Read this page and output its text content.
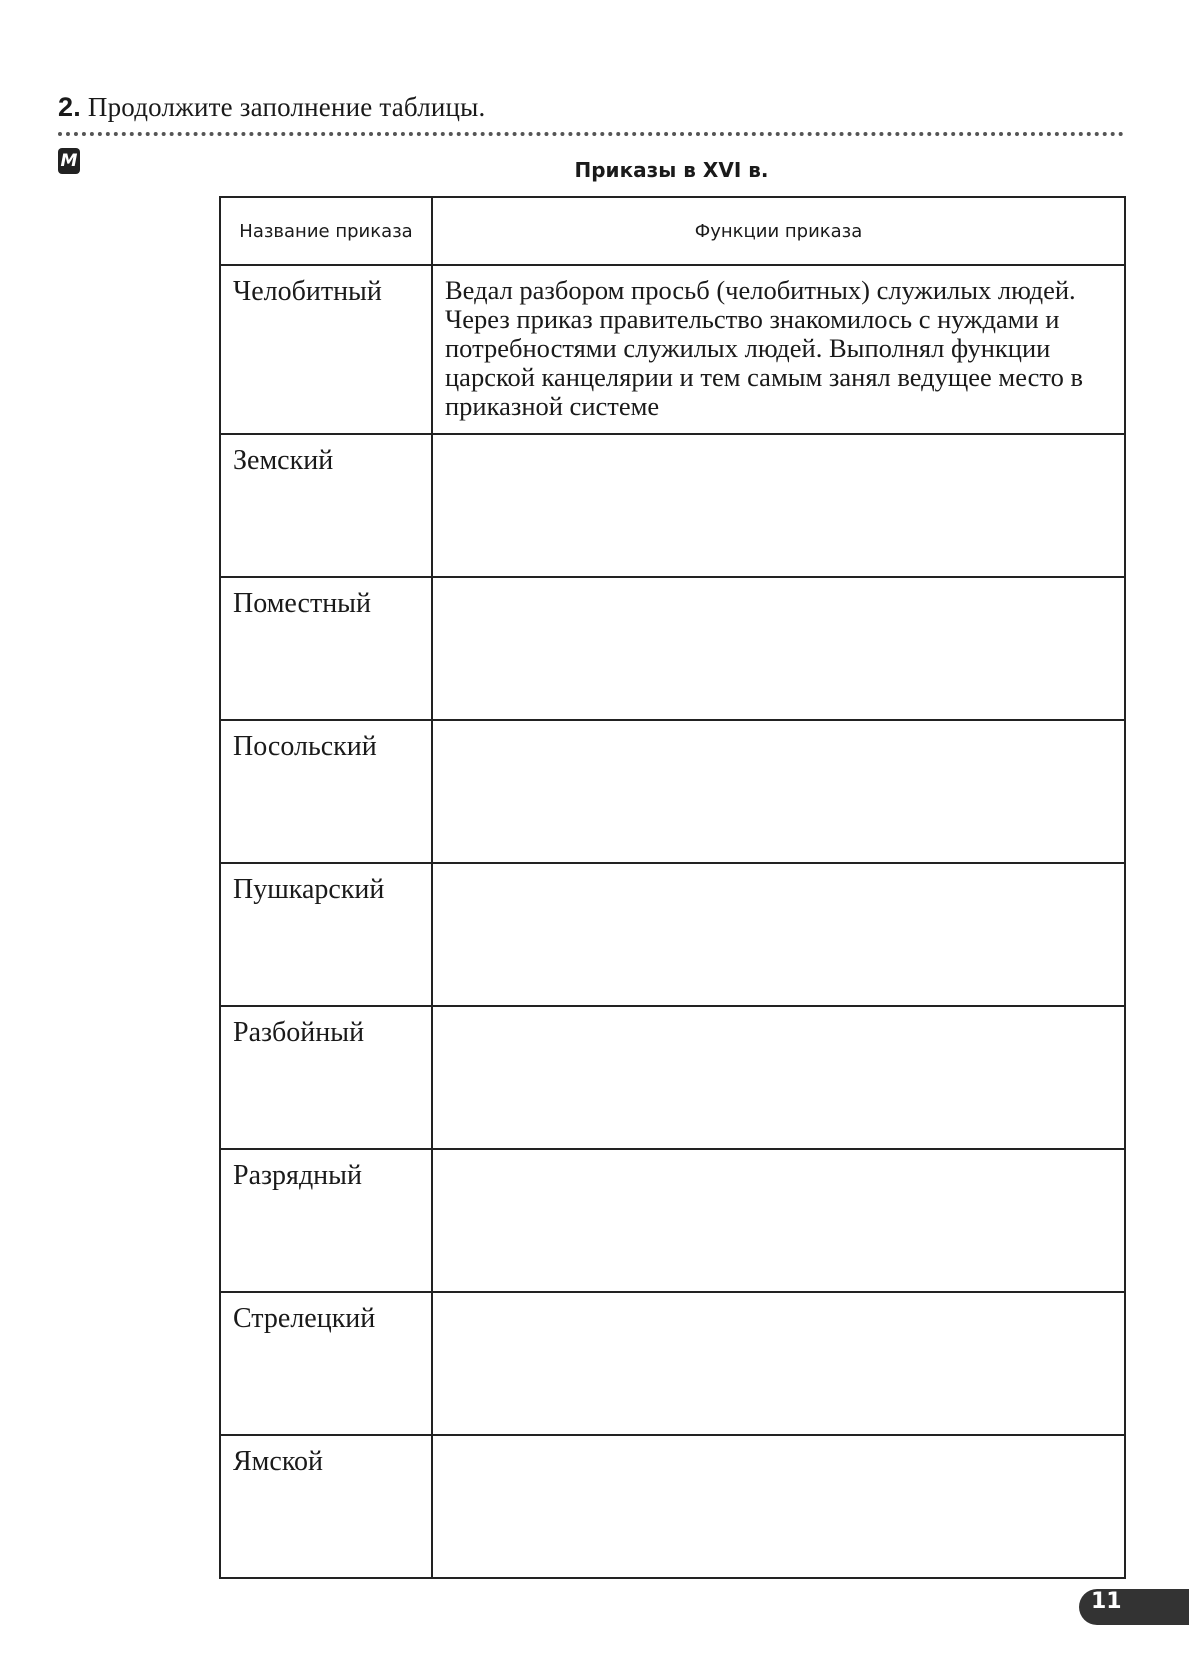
2. Продолжите заполнение таблицы.
М	Приказы в XVI в.
Название приказа	Функции приказа
Челобитный	Ведал разбором просьб (челобитных) служилых людей. Через приказ правительство знакомилось с нуждами и потребностями служилых людей. Выполнял функции царской канцелярии и тем самым занял ведущее место в приказной системе
Земский	
Поместный	
Посольский	
Пушкарский	
Разбойный	
Разрядный	
Стрелецкий	
Ямской	
11
